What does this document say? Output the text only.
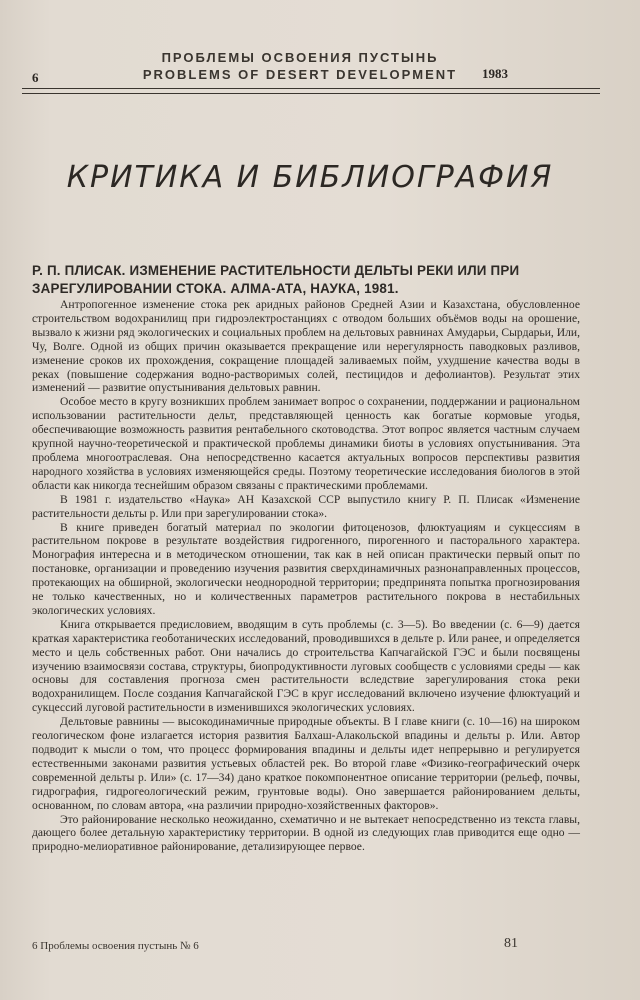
ПРОБЛЕМЫ ОСВОЕНИЯ ПУСТЫНЬ
PROBLEMS OF DESERT DEVELOPMENT
6	1983
КРИТИКА И БИБЛИОГРАФИЯ
Р. П. ПЛИСАК. ИЗМЕНЕНИЕ РАСТИТЕЛЬНОСТИ ДЕЛЬТЫ РЕКИ ИЛИ ПРИ
ЗАРЕГУЛИРОВАНИИ СТОКА. АЛМА-АТА, НАУКА, 1981.

Антропогенное изменение стока рек аридных районов Средней Азии и Казахстана, обусловленное строительством водохранилищ при гидроэлектростанциях с отводом больших объёмов воды на орошение, вызвало к жизни ряд экологических и социальных проблем на дельтовых равнинах Амударьи, Сырдарьи, Или, Чу, Волге. Одной из общих причин оказывается прекращение или нерегулярность паводковых разливов, изменение сроков их прохождения, сокращение площадей заливаемых пойм, ухудшение качества воды в реках (повышение содержания водно-растворимых солей, пестицидов и дефолиантов). Результат этих изменений — развитие опустынивания дельтовых равнин.

Особое место в кругу возникших проблем занимает вопрос о сохранении, поддержании и рациональном использовании растительности дельт, представляющей ценность как богатые кормовые угодья, обеспечивающие возможность развития рентабельного скотоводства. Этот вопрос является частным случаем крупной научно-теоретической и практической проблемы динамики биоты в условиях опустынивания. Эта проблема многоотраслевая. Она непосредственно касается актуальных вопросов перспективы развития народного хозяйства в условиях изменяющейся среды. Поэтому теоретические исследования биологов в этой области как никогда теснейшим образом связаны с практическими проблемами.

В 1981 г. издательство «Наука» АН Казахской ССР выпустило книгу Р. П. Плисак «Изменение растительности дельты р. Или при зарегулировании стока».

В книге приведен богатый материал по экологии фитоценозов, флюктуациям и сукцессиям в растительном покрове в результате воздействия гидрогенного, пирогенного и пасторального характера. Монография интересна и в методическом отношении, так как в ней описан практически первый опыт по постановке, организации и проведению изучения развития сверхдинамичных разнонаправленных процессов, протекающих на обширной, экологически неоднородной территории; предпринята попытка прогнозирования не только качественных, но и количественных параметров растительного покрова в нестабильных экологических условиях.

Книга открывается предисловием, вводящим в суть проблемы (с. 3—5). Во введении (с. 6—9) дается краткая характеристика геоботанических исследований, проводившихся в дельте р. Или ранее, и определяется место и цель собственных работ. Они начались до строительства Капчагайской ГЭС и были посвящены изучению взаимосвязи состава, структуры, биопродуктивности луговых сообществ с условиями среды — как основы для составления прогноза смен растительности вследствие зарегулирования стока реки водохранилищем. После создания Капчагайской ГЭС в круг исследований включено изучение флюктуаций и сукцессий луговой растительности в изменившихся экологических условиях.

Дельтовые равнины — высокодинамичные природные объекты. В I главе книги (с. 10—16) на широком геологическом фоне излагается история развития Балхаш-Алакольской впадины и дельты р. Или. Автор подводит к мысли о том, что процесс формирования впадины и дельты идет непрерывно и регулируется естественными законами развития устьевых областей рек. Во второй главе «Физико-географический очерк современной дельты р. Или» (с. 17—34) дано краткое покомпонентное описание территории (рельеф, почвы, гидрография, гидрогеологический режим, грунтовые воды). Оно завершается районированием дельты, основанном, по словам автора, «на различии природно-хозяйственных факторов».

Это районирование несколько неожиданно, схематично и не вытекает непосредственно из текста главы, дающего более детальную характеристику территории. В одной из следующих глав приводится еще одно — природно-мелиоративное районирование, детализирующее первое.

6 Проблемы освоения пустынь № 6	81
